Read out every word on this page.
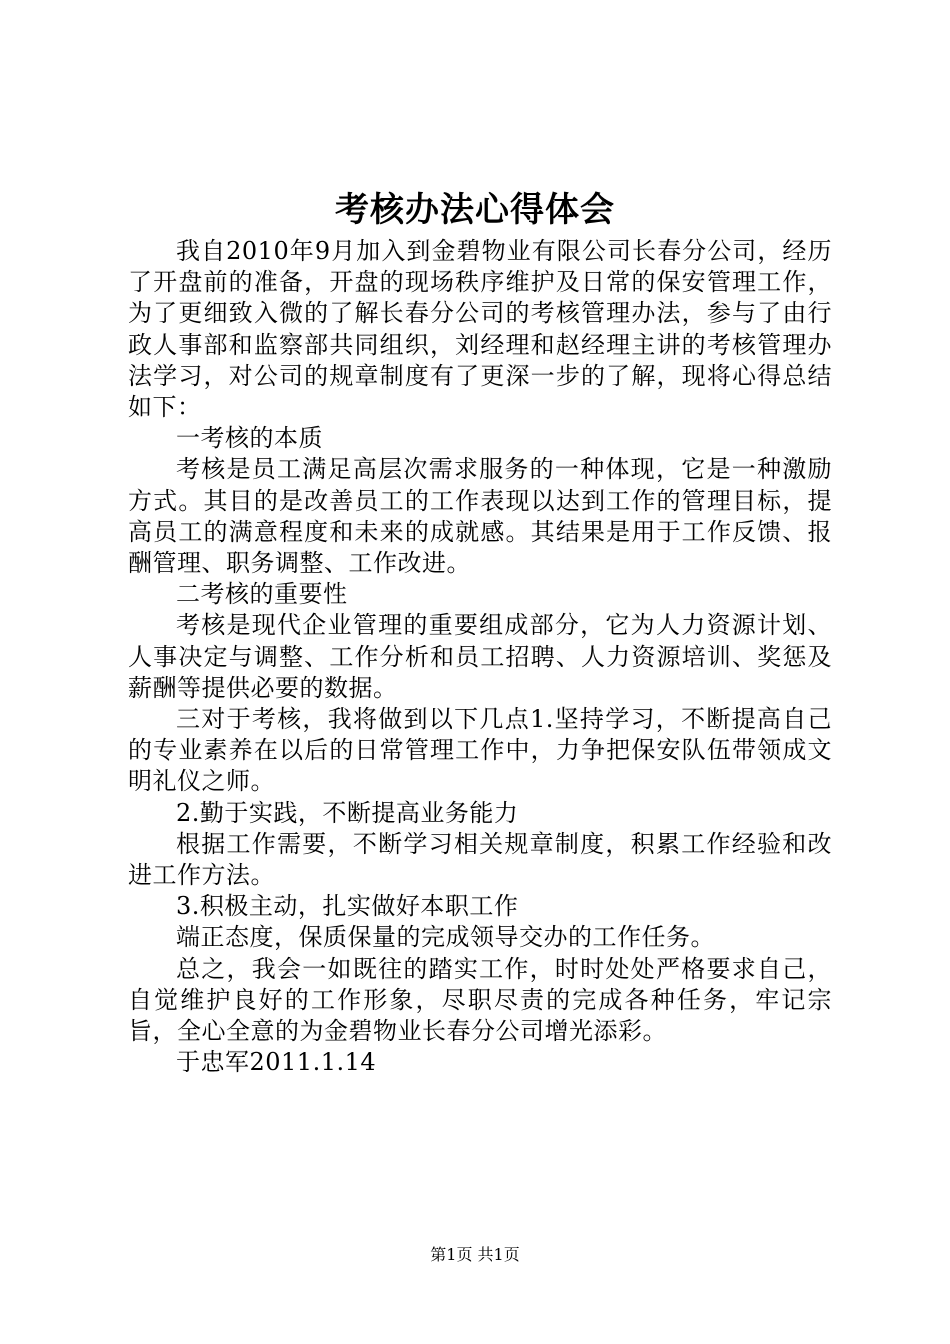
考核办法心得体会

我自2010年9月加入到金碧物业有限公司长春分公司，经历了开盘前的准备，开盘的现场秩序维护及日常的保安管理工作，为了更细致入微的了解长春分公司的考核管理办法，参与了由行政人事部和监察部共同组织，刘经理和赵经理主讲的考核管理办法学习，对公司的规章制度有了更深一步的了解，现将心得总结如下：

一考核的本质

考核是员工满足高层次需求服务的一种体现，它是一种激励方式。其目的是改善员工的工作表现以达到工作的管理目标，提高员工的满意程度和未来的成就感。其结果是用于工作反馈、报酬管理、职务调整、工作改进。

二考核的重要性

考核是现代企业管理的重要组成部分，它为人力资源计划、人事决定与调整、工作分析和员工招聘、人力资源培训、奖惩及薪酬等提供必要的数据。

三对于考核，我将做到以下几点1.坚持学习，不断提高自己的专业素养在以后的日常管理工作中，力争把保安队伍带领成文明礼仪之师。

2.勤于实践，不断提高业务能力

根据工作需要，不断学习相关规章制度，积累工作经验和改进工作方法。

3.积极主动，扎实做好本职工作

端正态度，保质保量的完成领导交办的工作任务。

总之，我会一如既往的踏实工作，时时处处严格要求自己，自觉维护良好的工作形象，尽职尽责的完成各种任务，牢记宗旨，全心全意的为金碧物业长春分公司增光添彩。

于忠军2011.1.14

第1页 共1页
